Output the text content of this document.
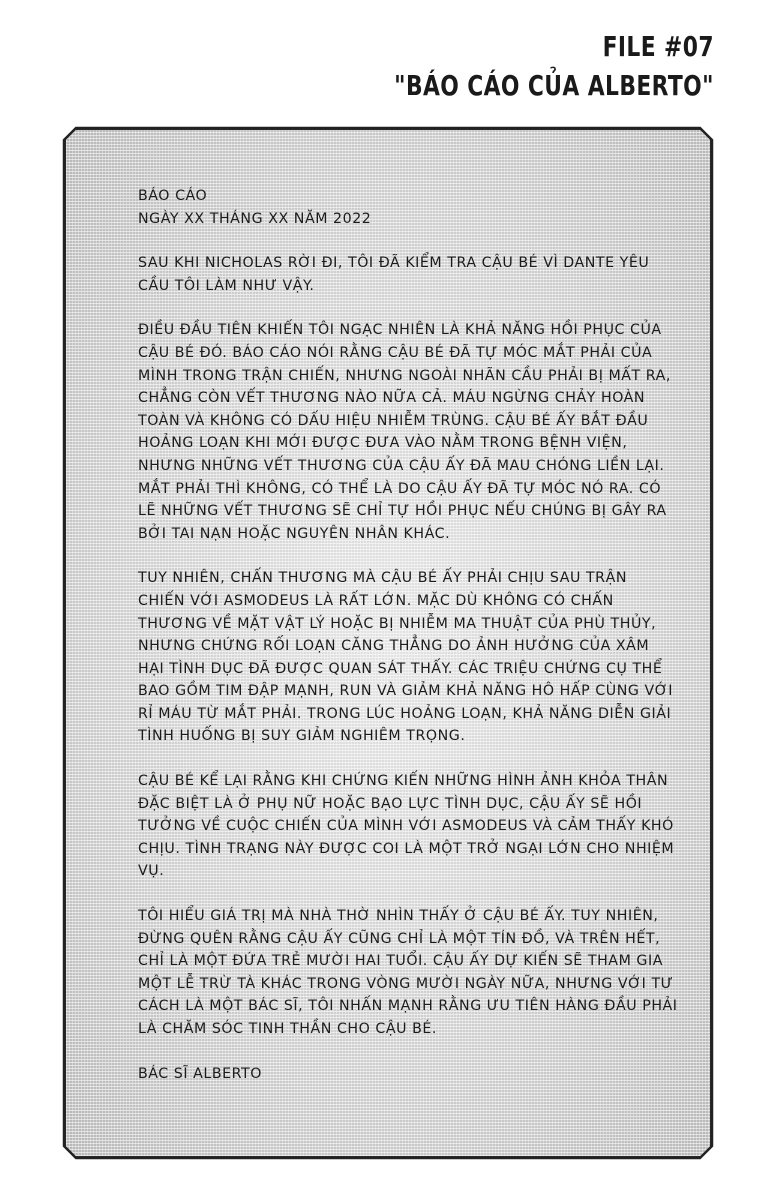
FILE #07
"BÁO CÁO CỦA ALBERTO"

BÁO CÁO

NGÀY XX THÁNG XX NĂM 2022

SAU KHI NICHOLAS RỜI ĐI, TÔI ĐÃ KIỂM TRA CẬU BÉ VÌ DANTE YÊU CẦU TÔI LÀM NHƯ VẬY.

ĐIỀU ĐẦU TIÊN KHIẾN TÔI NGẠC NHIÊN LÀ KHẢ NĂNG HỒI PHỤC CỦA CẬU BÉ ĐÓ. BÁO CÁO NÓI RẰNG CẬU BÉ ĐÃ TỰ MÓC MẮT PHẢI CỦA MÌNH TRONG TRẬN CHIẾN, NHƯNG NGOÀI NHÃN CẦU PHẢI BỊ MẤT RA, CHẲNG CÒN VẾT THƯƠNG NÀO NỮA CẢ. MÁU NGỪNG CHẢY HOÀN TOÀN VÀ KHÔNG CÓ DẤU HIỆU NHIỄM TRÙNG. CẬU BÉ ẤY BẮT ĐẦU HOẢNG LOẠN KHI MỚI ĐƯỢC ĐƯA VÀO NẰM TRONG BỆNH VIỆN, NHƯNG NHỮNG VẾT THƯƠNG CỦA CẬU ẤY ĐÃ MAU CHÓNG LIỀN LẠI. MẮT PHẢI THÌ KHÔNG, CÓ THỂ LÀ DO CẬU ẤY ĐÃ TỰ MÓC NÓ RA. CÓ LẼ NHỮNG VẾT THƯƠNG SẼ CHỈ TỰ HỒI PHỤC NẾU CHÚNG BỊ GÂY RA BỞI TAI NẠN HOẶC NGUYÊN NHÂN KHÁC.

TUY NHIÊN, CHẤN THƯƠNG MÀ CẬU BÉ ẤY PHẢI CHỊU SAU TRẬN CHIẾN VỚI ASMODEUS LÀ RẤT LỚN. MẶC DÙ KHÔNG CÓ CHẤN THƯƠNG VỀ MẶT VẬT LÝ HOẶC BỊ NHIỄM MA THUẬT CỦA PHÙ THỦY, NHƯNG CHỨNG RỐI LOẠN CĂNG THẲNG DO ẢNH HƯỞNG CỦA XÂM HẠI TÌNH DỤC ĐÃ ĐƯỢC QUAN SÁT THẤY. CÁC TRIỆU CHỨNG CỤ THỂ BAO GỒM TIM ĐẬP MẠNH, RUN VÀ GIẢM KHẢ NĂNG HÔ HẤP CÙNG VỚI RỈ MÁU TỪ MẮT PHẢI. TRONG LÚC HOẢNG LOẠN, KHẢ NĂNG DIỄN GIẢI TÌNH HUỐNG BỊ SUY GIẢM NGHIÊM TRỌNG.

CẬU BÉ KỂ LẠI RẰNG KHI CHỨNG KIẾN NHỮNG HÌNH ẢNH KHỎA THÂN ĐẶC BIỆT LÀ Ở PHỤ NỮ HOẶC BẠO LỰC TÌNH DỤC, CẬU ẤY SẼ HỒI TƯỞNG VỀ CUỘC CHIẾN CỦA MÌNH VỚI ASMODEUS VÀ CẢM THẤY KHÓ CHỊU. TÌNH TRẠNG NÀY ĐƯỢC COI LÀ MỘT TRỞ NGẠI LỚN CHO NHIỆM VỤ.

TÔI HIỂU GIÁ TRỊ MÀ NHÀ THỜ NHÌN THẤY Ở CẬU BÉ ẤY. TUY NHIÊN, ĐỪNG QUÊN RẰNG CẬU ẤY CŨNG CHỈ LÀ MỘT TÍN ĐỒ, VÀ TRÊN HẾT, CHỈ LÀ MỘT ĐỨA TRẺ MƯỜI HAI TUỔI. CẬU ẤY DỰ KIẾN SẼ THAM GIA MỘT LỄ TRỪ TÀ KHÁC TRONG VÒNG MƯỜI NGÀY NỮA, NHƯNG VỚI TƯ CÁCH LÀ MỘT BÁC SĨ, TÔI NHẤN MẠNH RẰNG ƯU TIÊN HÀNG ĐẦU PHẢI LÀ CHĂM SÓC TINH THẦN CHO CẬU BÉ.

BÁC SĨ ALBERTO
